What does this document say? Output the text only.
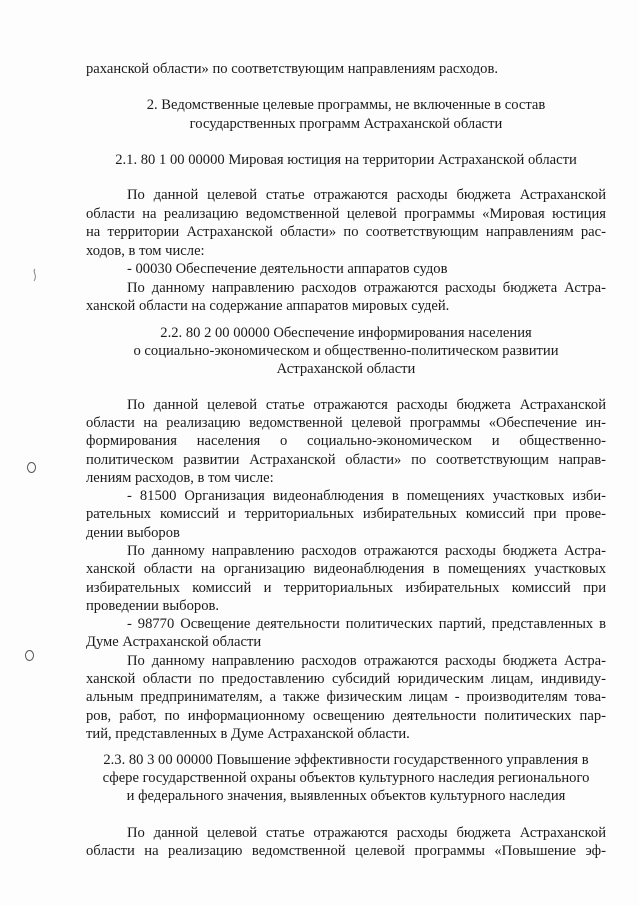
раханской области» по соответствующим направлениям расходов.
2. Ведомственные целевые программы, не включенные в состав
государственных программ Астраханской области
2.1. 80 1 00 00000 Мировая юстиция на территории Астраханской области
По данной целевой статье отражаются расходы бюджета Астраханской
области на реализацию ведомственной целевой программы «Мировая юстиция
на территории Астраханской области» по соответствующим направлениям рас-
ходов, в том числе:
- 00030 Обеспечение деятельности аппаратов судов
По данному направлению расходов отражаются расходы бюджета Астра-
ханской области на содержание аппаратов мировых судей.
2.2. 80 2 00 00000 Обеспечение информирования населения
о социально-экономическом и общественно-политическом развитии
Астраханской области
По данной целевой статье отражаются расходы бюджета Астраханской
области на реализацию ведомственной целевой программы «Обеспечение ин-
формирования населения о социально-экономическом и общественно-
политическом развитии Астраханской области» по соответствующим направ-
лениям расходов, в том числе:
- 81500 Организация видеонаблюдения в помещениях участковых изби-
рательных комиссий и территориальных избирательных комиссий при прове-
дении выборов
По данному направлению расходов отражаются расходы бюджета Астра-
ханской области на организацию видеонаблюдения в помещениях участковых
избирательных комиссий и территориальных избирательных комиссий при
проведении выборов.
- 98770 Освещение деятельности политических партий, представленных в
Думе Астраханской области
По данному направлению расходов отражаются расходы бюджета Астра-
ханской области по предоставлению субсидий юридическим лицам, индивиду-
альным предпринимателям, а также физическим лицам - производителям това-
ров, работ, по информационному освещению деятельности политических пар-
тий, представленных в Думе Астраханской области.
2.3. 80 3 00 00000 Повышение эффективности государственного управления в
сфере государственной охраны объектов культурного наследия регионального
и федерального значения, выявленных объектов культурного наследия
По данной целевой статье отражаются расходы бюджета Астраханской
области на реализацию ведомственной целевой программы «Повышение эф-
